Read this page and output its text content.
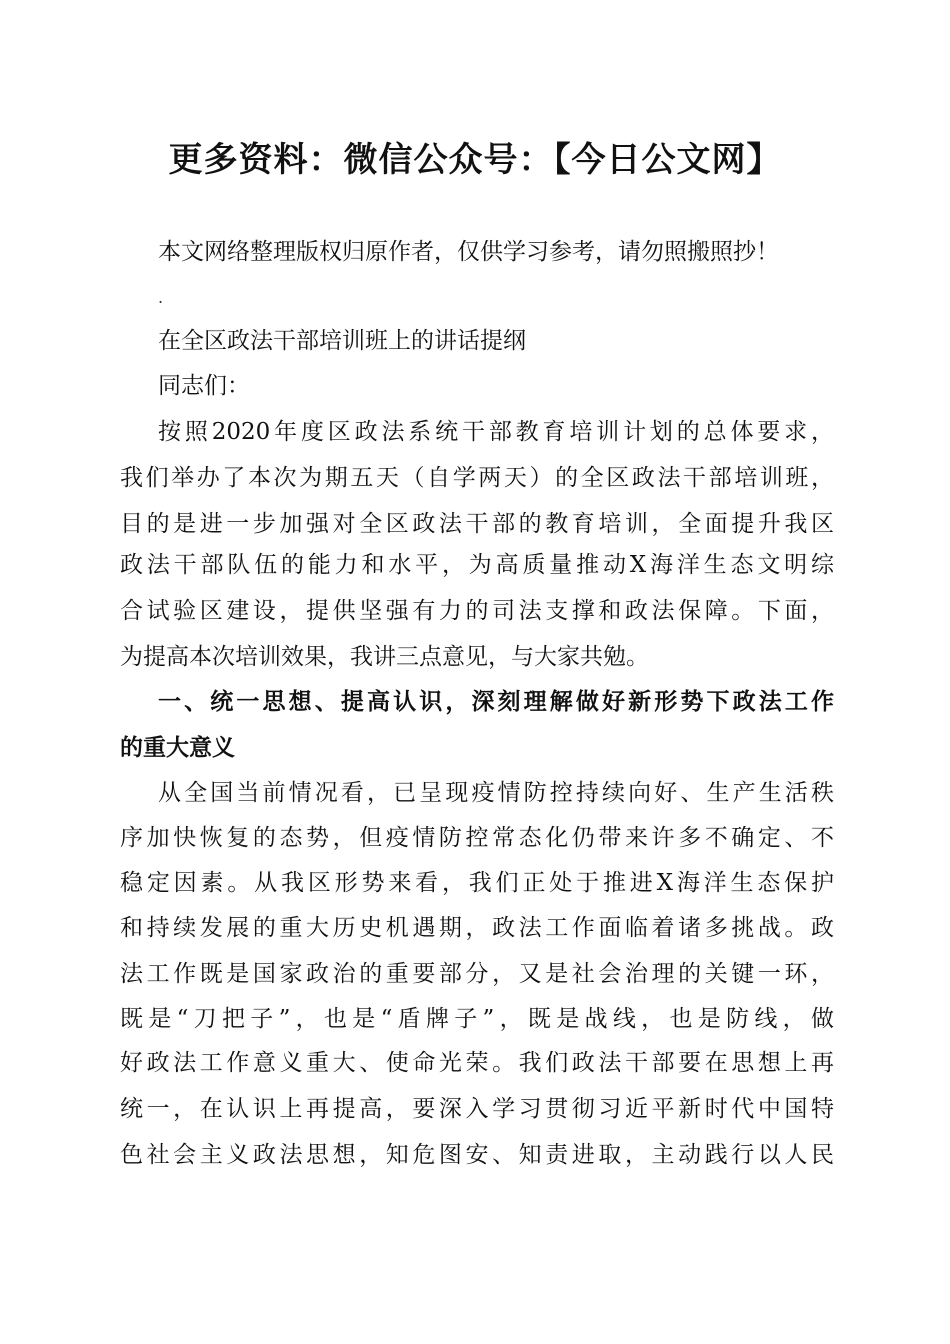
更多资料：微信公众号：【今日公文网】
本文网络整理版权归原作者，仅供学习参考，请勿照搬照抄！
.
在全区政法干部培训班上的讲话提纲
同志们：
按照2020年度区政法系统干部教育培训计划的总体要求，
我们举办了本次为期五天（自学两天）的全区政法干部培训班，
目的是进一步加强对全区政法干部的教育培训，全面提升我区
政法干部队伍的能力和水平，为高质量推动X海洋生态文明综
合试验区建设，提供坚强有力的司法支撑和政法保障。下面，
为提高本次培训效果，我讲三点意见，与大家共勉。
一、统一思想、提高认识，深刻理解做好新形势下政法工作
的重大意义
从全国当前情况看，已呈现疫情防控持续向好、生产生活秩
序加快恢复的态势，但疫情防控常态化仍带来许多不确定、不
稳定因素。从我区形势来看，我们正处于推进X海洋生态保护
和持续发展的重大历史机遇期，政法工作面临着诸多挑战。政
法工作既是国家政治的重要部分，又是社会治理的关键一环，
既是“刀把子”，也是“盾牌子”，既是战线，也是防线，做
好政法工作意义重大、使命光荣。我们政法干部要在思想上再
统一，在认识上再提高，要深入学习贯彻习近平新时代中国特
色社会主义政法思想，知危图安、知责进取，主动践行以人民
